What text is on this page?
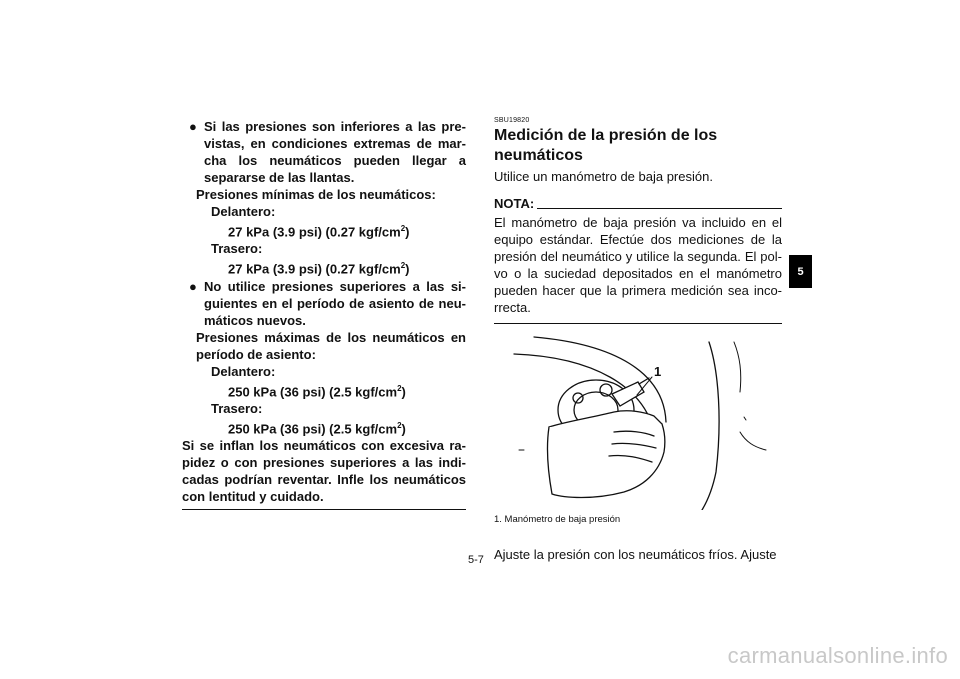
● Si las presiones son inferiores a las pre-vistas, en condiciones extremas de mar-cha los neumáticos pueden llegar a separarse de las llantas.
Presiones mínimas de los neumáticos:
Delantero:
27 kPa (3.9 psi) (0.27 kgf/$cm^2$)
Trasero:
27 kPa (3.9 psi) (0.27 kgf/$cm^2$)
● No utilice presiones superiores a las si-guientes en el período de asiento de neu-máticos nuevos.
Presiones máximas de los neumáticos en período de asiento:
Delantero:
250 kPa (36 psi) (2.5 kgf/$cm^2$)
Trasero:
250 kPa (36 psi) (2.5 kgf/$cm^2$)
Si se inflan los neumáticos con excesiva ra-pidez o con presiones superiores a las indi-cadas podrían reventar. Infle los neumáticos con lentitud y cuidado.
SBU19820
Medición de la presión de los neumáticos
Utilice un manómetro de baja presión.
NOTA:
El manómetro de baja presión va incluido en el equipo estándar. Efectúe dos mediciones de la presión del neumático y utilice la segunda. El pol-vo o la suciedad depositados en el manómetro pueden hacer que la primera medición sea inco-rrecta.
1
1. Manómetro de baja presión
Ajuste la presión con los neumáticos fríos. Ajuste
5-7
5
carmanualsonline.info
